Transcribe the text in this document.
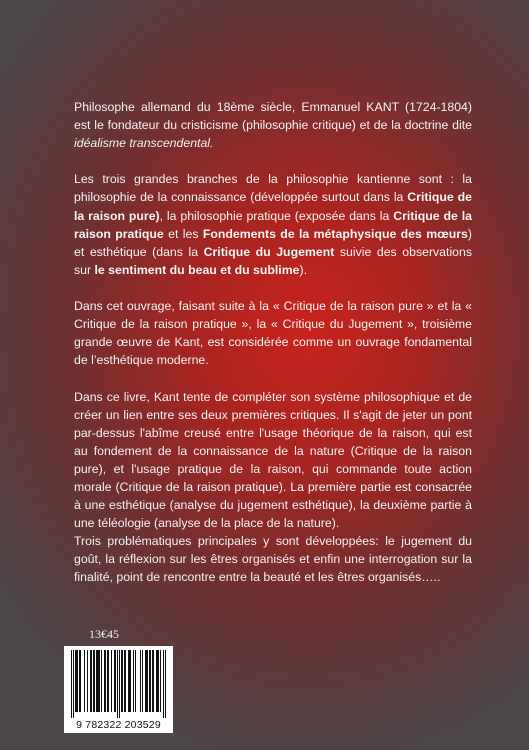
Philosophe allemand du 18ème siècle, Emmanuel KANT (1724-1804) est le fondateur du cristicisme (philosophie critique) et de la doctrine dite idéalisme transcendental.

Les trois grandes branches de la philosophie kantienne sont : la philosophie de la connaissance (développée surtout dans la Critique de la raison pure), la philosophie pratique (exposée dans la Critique de la raison pratique et les Fondements de la métaphysique des mœurs) et esthétique (dans la Critique du Jugement suivie des observations sur le sentiment du beau et du sublime).

Dans cet ouvrage, faisant suite à la « Critique de la raison pure » et la « Critique de la raison pratique », la « Critique du Jugement », troisième grande œuvre de Kant, est considérée comme un ouvrage fondamental de l’esthétique moderne.

Dans ce livre, Kant tente de compléter son système philosophique et de créer un lien entre ses deux premières critiques. Il s'agit de jeter un pont par-dessus l'abîme creusé entre l'usage théorique de la raison, qui est au fondement de la connaissance de la nature (Critique de la raison pure), et l'usage pratique de la raison, qui commande toute action morale (Critique de la raison pratique). La première partie est consacrée à une esthétique (analyse du jugement esthétique), la deuxième partie à une téléologie (analyse de la place de la nature).

Trois problématiques principales y sont développées: le jugement du goût, la réflexion sur les êtres organisés et enfin une interrogation sur la finalité, point de rencontre entre la beauté et les êtres organisés…..

13€45
9 782322 203529
